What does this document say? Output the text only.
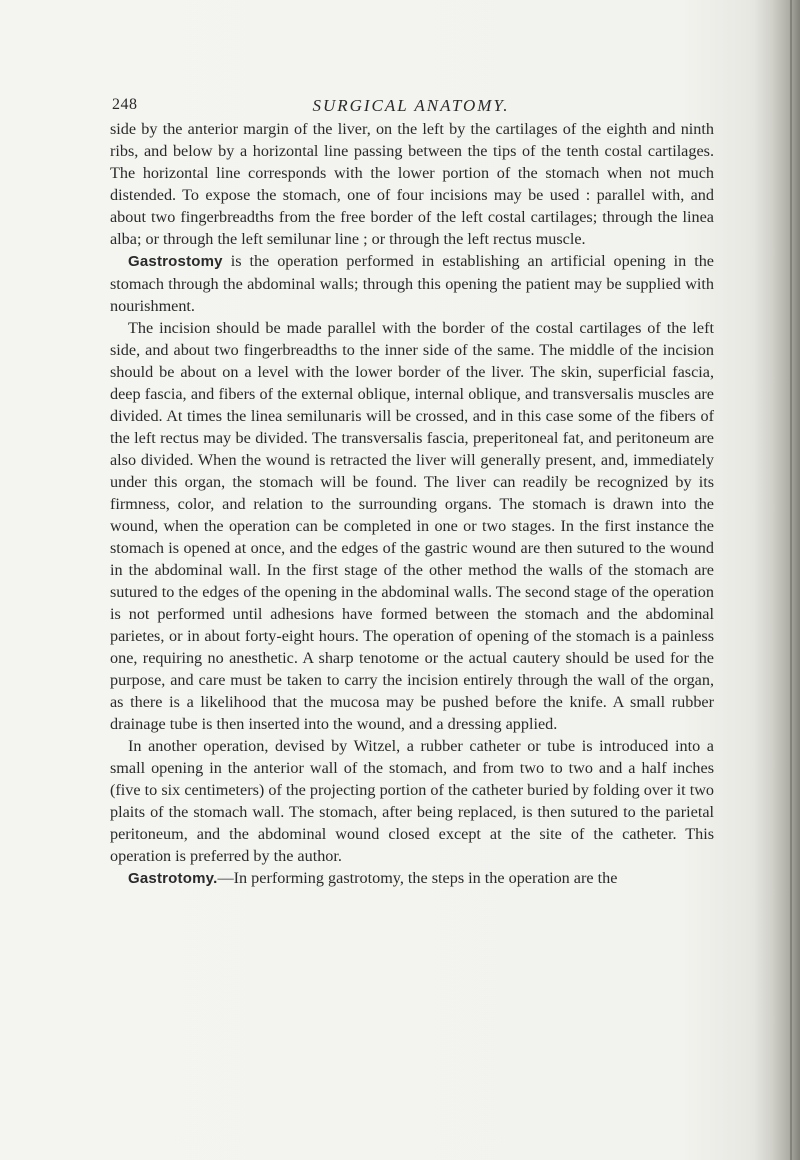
248	SURGICAL ANATOMY.

side by the anterior margin of the liver, on the left by the cartilages of the eighth and ninth ribs, and below by a horizontal line passing between the tips of the tenth costal cartilages. The horizontal line corresponds with the lower portion of the stomach when not much distended. To expose the stomach, one of four incisions may be used : parallel with, and about two fingerbreadths from the free border of the left costal cartilages; through the linea alba; or through the left semilunar line ; or through the left rectus muscle.

Gastrostomy is the operation performed in establishing an artificial opening in the stomach through the abdominal walls; through this opening the patient may be supplied with nourishment.

The incision should be made parallel with the border of the costal cartilages of the left side, and about two fingerbreadths to the inner side of the same. The middle of the incision should be about on a level with the lower border of the liver. The skin, superficial fascia, deep fascia, and fibers of the external oblique, internal oblique, and transversalis muscles are divided. At times the linea semilunaris will be crossed, and in this case some of the fibers of the left rectus may be divided. The transversalis fascia, preperitoneal fat, and peritoneum are also divided. When the wound is retracted the liver will generally present, and, immediately under this organ, the stomach will be found. The liver can readily be recognized by its firmness, color, and relation to the surrounding organs. The stomach is drawn into the wound, when the operation can be completed in one or two stages. In the first instance the stomach is opened at once, and the edges of the gastric wound are then sutured to the wound in the abdominal wall. In the first stage of the other method the walls of the stomach are sutured to the edges of the opening in the abdominal walls. The second stage of the operation is not performed until adhesions have formed between the stomach and the abdominal parietes, or in about forty-eight hours. The operation of opening of the stomach is a painless one, requiring no anesthetic. A sharp tenotome or the actual cautery should be used for the purpose, and care must be taken to carry the incision entirely through the wall of the organ, as there is a likelihood that the mucosa may be pushed before the knife. A small rubber drainage tube is then inserted into the wound, and a dressing applied.

In another operation, devised by Witzel, a rubber catheter or tube is introduced into a small opening in the anterior wall of the stomach, and from two to two and a half inches (five to six centimeters) of the projecting portion of the catheter buried by folding over it two plaits of the stomach wall. The stomach, after being replaced, is then sutured to the parietal peritoneum, and the abdominal wound closed except at the site of the catheter. This operation is preferred by the author.

Gastrotomy.—In performing gastrotomy, the steps in the operation are the
